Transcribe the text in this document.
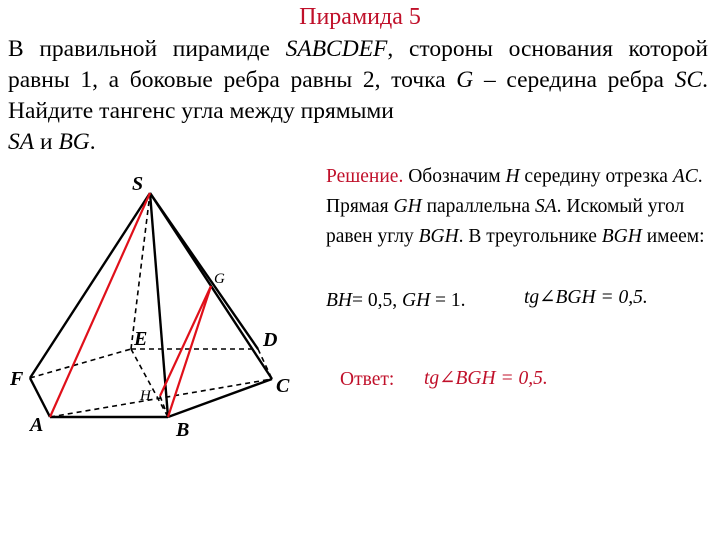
Пирамида 5
В правильной пирамиде SABCDEF, стороны основания которой равны 1, а боковые ребра равны 2, точка G – середина ребра SC. Найдите тангенс угла между прямыми
SA и BG.
Решение. Обозначим H середину отрезка AC. Прямая GH параллельна SA. Искомый угол равен углу BGH. В треугольнике BGH имеем:
BH= 0,5, GH = 1.	tg∠BGH = 0,5.
Ответ: tg∠BGH = 0,5.
S
A	B
C
D
E
F
G
H
